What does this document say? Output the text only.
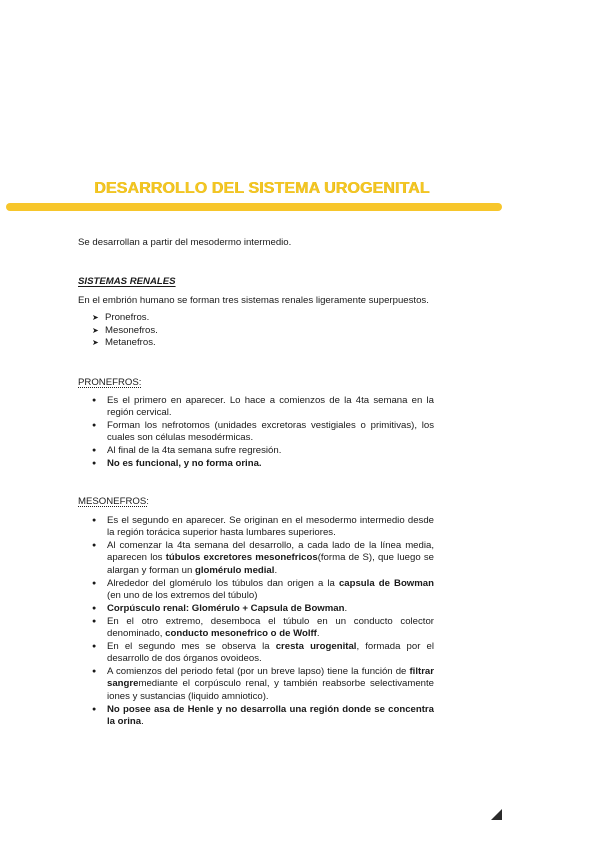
DESARROLLO DEL SISTEMA UROGENITAL
Se desarrollan a partir del mesodermo intermedio.
SISTEMAS RENALES
En el embrión humano se forman tres sistemas renales ligeramente superpuestos.
➤ Pronefros.
➤ Mesonefros.
➤ Metanefros.
PRONEFROS:
● Es el primero en aparecer. Lo hace a comienzos de la 4ta semana en la región cervical.
● Forman los nefrotomos (unidades excretoras vestigiales o primitivas), los cuales son células mesodérmicas.
● Al final de la 4ta semana sufre regresión.
● No es funcional, y no forma orina.
MESONEFROS:
● Es el segundo en aparecer. Se originan en el mesodermo intermedio desde la región torácica superior hasta lumbares superiores.
● Al comenzar la 4ta semana del desarrollo, a cada lado de la línea media, aparecen los túbulos excretores mesonefricos(forma de S), que luego se alargan y forman un glomérulo medial.
● Alrededor del glomérulo los túbulos dan origen a la capsula de Bowman (en uno de los extremos del túbulo)
● Corpúsculo renal: Glomérulo + Capsula de Bowman.
● En el otro extremo, desemboca el túbulo en un conducto colector denominado, conducto mesonefrico o de Wolff.
● En el segundo mes se observa la cresta urogenital, formada por el desarrollo de dos órganos ovoideos.
● A comienzos del periodo fetal (por un breve lapso) tiene la función de filtrar sangremediante el corpúsculo renal, y también reabsorbe selectivamente iones y sustancias (liquido amniotico).
● No posee asa de Henle y no desarrolla una región donde se concentra la orina.
